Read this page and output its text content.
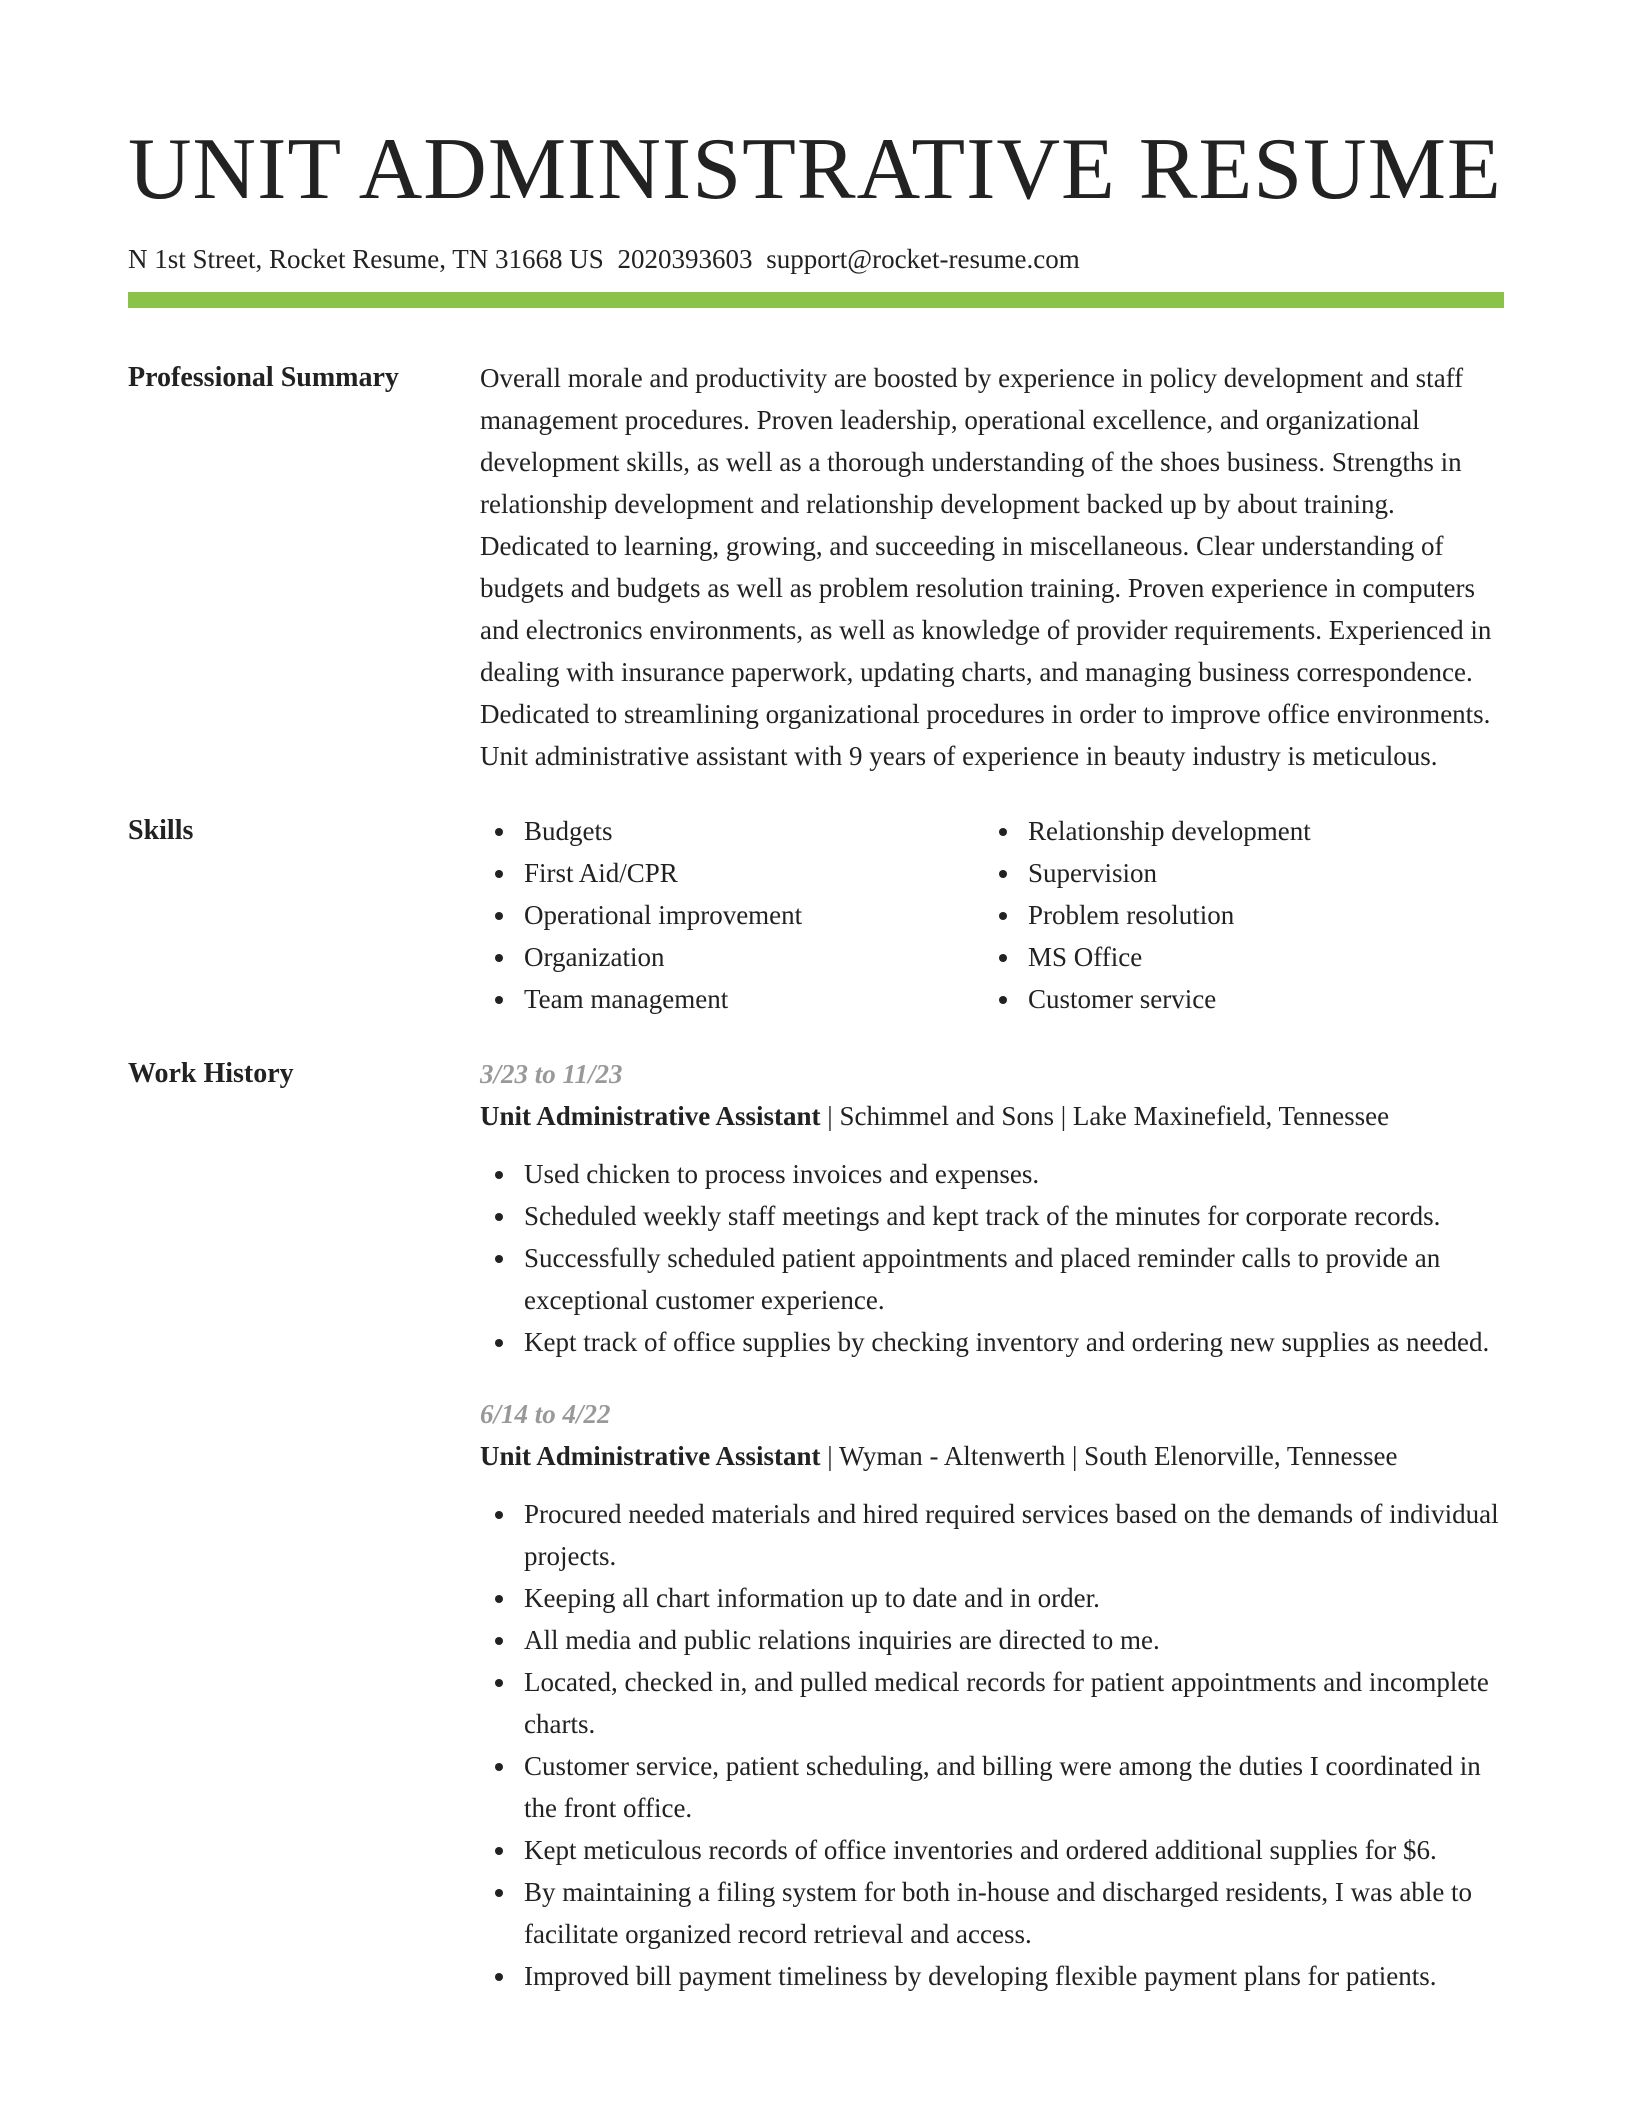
UNIT ADMINISTRATIVE RESUME
N 1st Street, Rocket Resume, TN 31668 US 2020393603 support@rocket-resume.com
Professional Summary	Overall morale and productivity are boosted by experience in policy development and staff management procedures. Proven leadership, operational excellence, and organizational development skills, as well as a thorough understanding of the shoes business. Strengths in relationship development and relationship development backed up by about training. Dedicated to learning, growing, and succeeding in miscellaneous. Clear understanding of budgets and budgets as well as problem resolution training. Proven experience in computers and electronics environments, as well as knowledge of provider requirements. Experienced in dealing with insurance paperwork, updating charts, and managing business correspondence. Dedicated to streamlining organizational procedures in order to improve office environments. Unit administrative assistant with 9 years of experience in beauty industry is meticulous.

Skills	Budgets
First Aid/CPR
Operational improvement
Organization
Team management
Relationship development
Supervision
Problem resolution
MS Office
Customer service
Work History	3/23 to 11/23
Unit Administrative Assistant | Schimmel and Sons | Lake Maxinefield, Tennessee
Used chicken to process invoices and expenses.
Scheduled weekly staff meetings and kept track of the minutes for corporate records.
Successfully scheduled patient appointments and placed reminder calls to provide an exceptional customer experience.
Kept track of office supplies by checking inventory and ordering new supplies as needed.
6/14 to 4/22
Unit Administrative Assistant | Wyman - Altenwerth | South Elenorville, Tennessee
Procured needed materials and hired required services based on the demands of individual projects.
Keeping all chart information up to date and in order.
All media and public relations inquiries are directed to me.
Located, checked in, and pulled medical records for patient appointments and incomplete charts.
Customer service, patient scheduling, and billing were among the duties I coordinated in the front office.
Kept meticulous records of office inventories and ordered additional supplies for $6.
By maintaining a filing system for both in-house and discharged residents, I was able to facilitate organized record retrieval and access.
Improved bill payment timeliness by developing flexible payment plans for patients.
